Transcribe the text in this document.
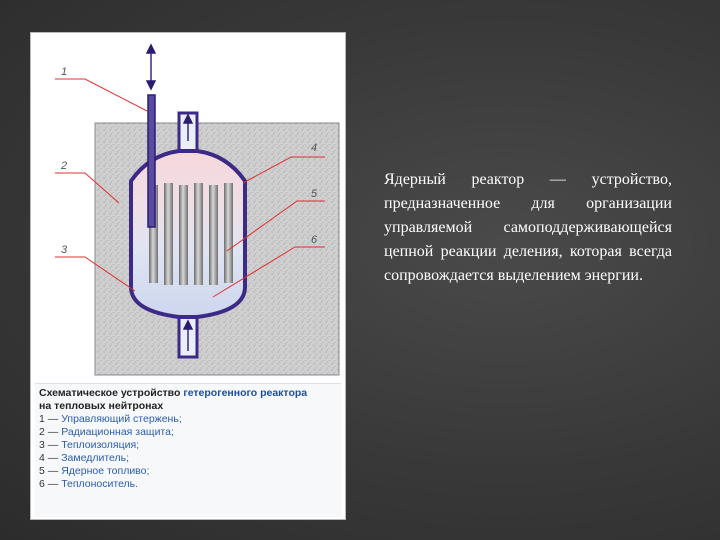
1
2
3
4
5
6
Схематическое устройство гетерогенного реактора
на тепловых нейтронах
1 — Управляющий стержень;
2 — Радиационная защита;
3 — Теплоизоляция;
4 — Замедлитель;
5 — Ядерное топливо;
6 — Теплоноситель.
Ядерный реактор — устройство, предназначенное для организации управляемой самоподдерживающейся цепной реакции деления, которая всегда сопровождается выделением энергии.
